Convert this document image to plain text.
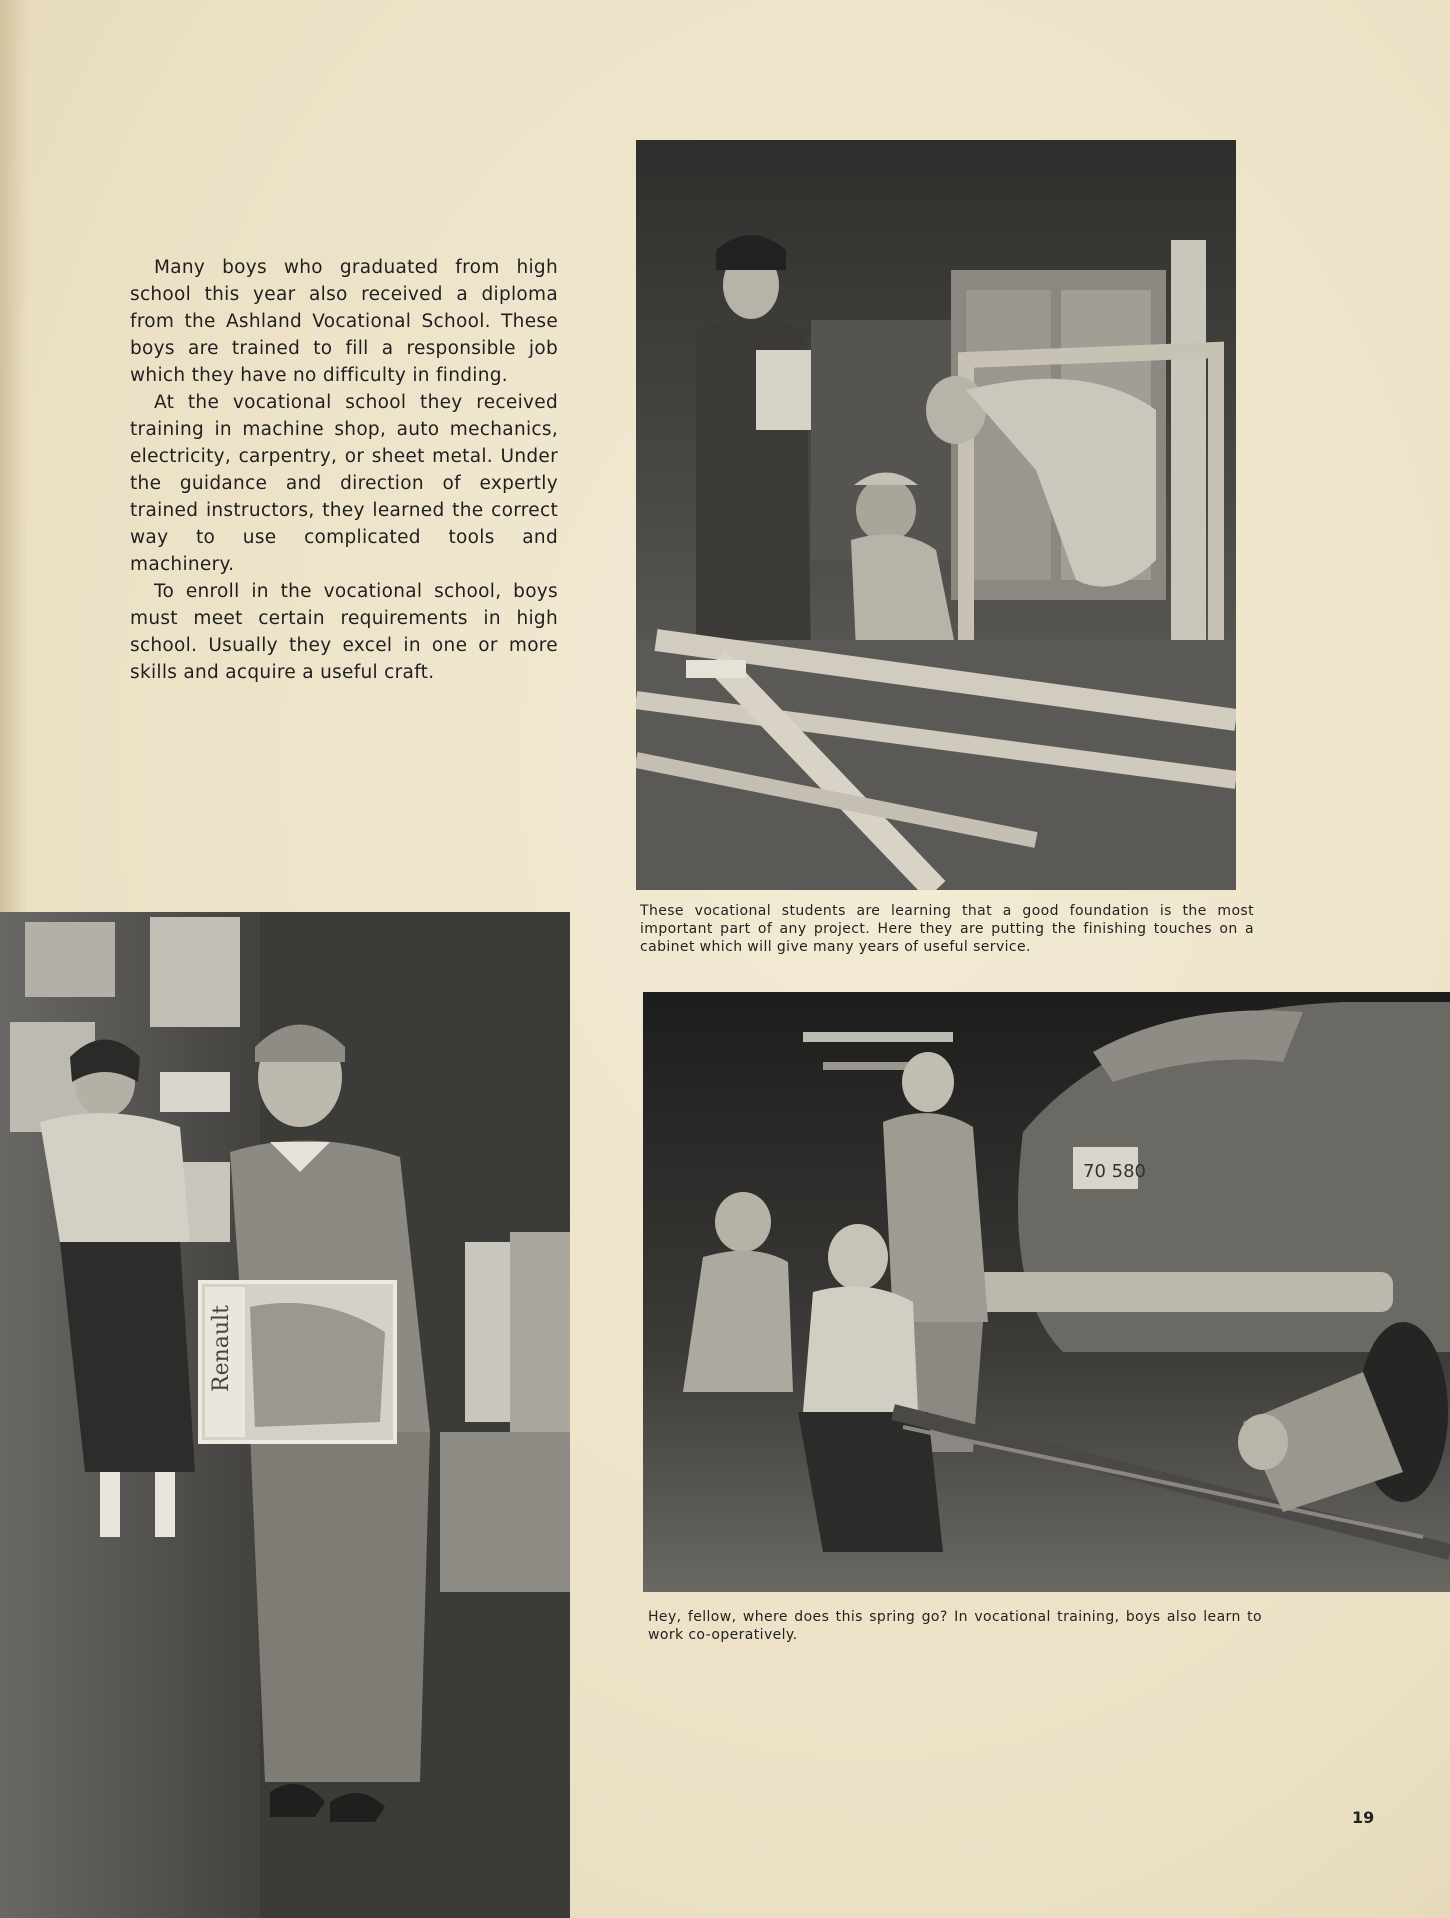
Many boys who graduated from high school this year also received a diploma from the Ashland Vocational School. These boys are trained to fill a responsible job which they have no difficulty in finding.

At the vocational school they received training in machine shop, auto mechanics, electricity, carpentry, or sheet metal. Under the guidance and direction of expertly trained instructors, they learned the correct way to use complicated tools and machinery.

To enroll in the vocational school, boys must meet certain requirements in high school. Usually they excel in one or more skills and acquire a useful craft.

These vocational students are learning that a good foundation is the most important part of any project. Here they are putting the finishing touches on a cabinet which will give many years of useful service.
Renault
70 580
Hey, fellow, where does this spring go? In vocational training, boys also learn to work co-operatively.
19
